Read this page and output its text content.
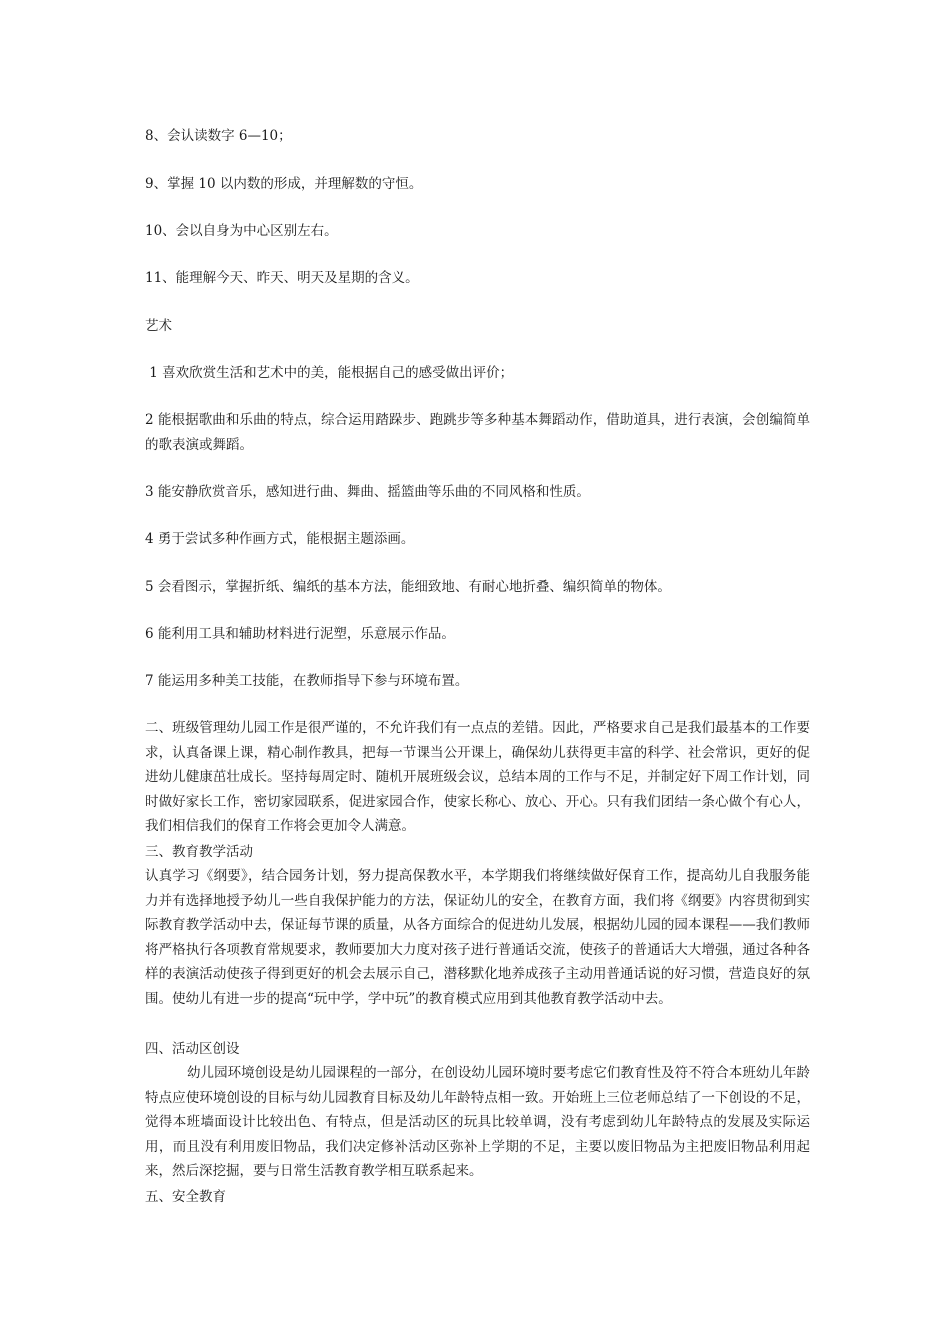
8、会认读数字 6—10；
9、掌握 10 以内数的形成，并理解数的守恒。
10、会以自身为中心区别左右。
11、能理解今天、昨天、明天及星期的含义。
艺术
1 喜欢欣赏生活和艺术中的美，能根据自己的感受做出评价；
2 能根据歌曲和乐曲的特点，综合运用踏跺步、跑跳步等多种基本舞蹈动作，借助道具，进行表演，会创编简单的歌表演或舞蹈。
3 能安静欣赏音乐，感知进行曲、舞曲、摇篮曲等乐曲的不同风格和性质。
4 勇于尝试多种作画方式，能根据主题添画。
5 会看图示，掌握折纸、编纸的基本方法，能细致地、有耐心地折叠、编织简单的物体。
6 能利用工具和辅助材料进行泥塑，乐意展示作品。
7 能运用多种美工技能，在教师指导下参与环境布置。
二、班级管理幼儿园工作是很严谨的，不允许我们有一点点的差错。因此，严格要求自己是我们最基本的工作要求，认真备课上课，精心制作教具，把每一节课当公开课上，确保幼儿获得更丰富的科学、社会常识，更好的促进幼儿健康茁壮成长。坚持每周定时、随机开展班级会议，总结本周的工作与不足，并制定好下周工作计划，同时做好家长工作，密切家园联系，促进家园合作，使家长称心、放心、开心。只有我们团结一条心做个有心人，我们相信我们的保育工作将会更加令人满意。
三、教育教学活动
认真学习《纲要》，结合园务计划，努力提高保教水平，本学期我们将继续做好保育工作，提高幼儿自我服务能力并有选择地授予幼儿一些自我保护能力的方法，保证幼儿的安全，在教育方面，我们将《纲要》内容贯彻到实际教育教学活动中去，保证每节课的质量，从各方面综合的促进幼儿发展，根据幼儿园的园本课程——我们教师将严格执行各项教育常规要求，教师要加大力度对孩子进行普通话交流，使孩子的普通话大大增强，通过各种各样的表演活动使孩子得到更好的机会去展示自己，潜移默化地养成孩子主动用普通话说的好习惯，营造良好的氛围。使幼儿有进一步的提高“玩中学，学中玩”的教育模式应用到其他教育教学活动中去。
四、活动区创设
幼儿园环境创设是幼儿园课程的一部分，在创设幼儿园环境时要考虑它们教育性及符不符合本班幼儿年龄特点应使环境创设的目标与幼儿园教育目标及幼儿年龄特点相一致。开始班上三位老师总结了一下创设的不足，觉得本班墙面设计比较出色、有特点，但是活动区的玩具比较单调，没有考虑到幼儿年龄特点的发展及实际运用，而且没有利用废旧物品，我们决定修补活动区弥补上学期的不足，主要以废旧物品为主把废旧物品利用起来，然后深挖掘，要与日常生活教育教学相互联系起来。
五、安全教育
